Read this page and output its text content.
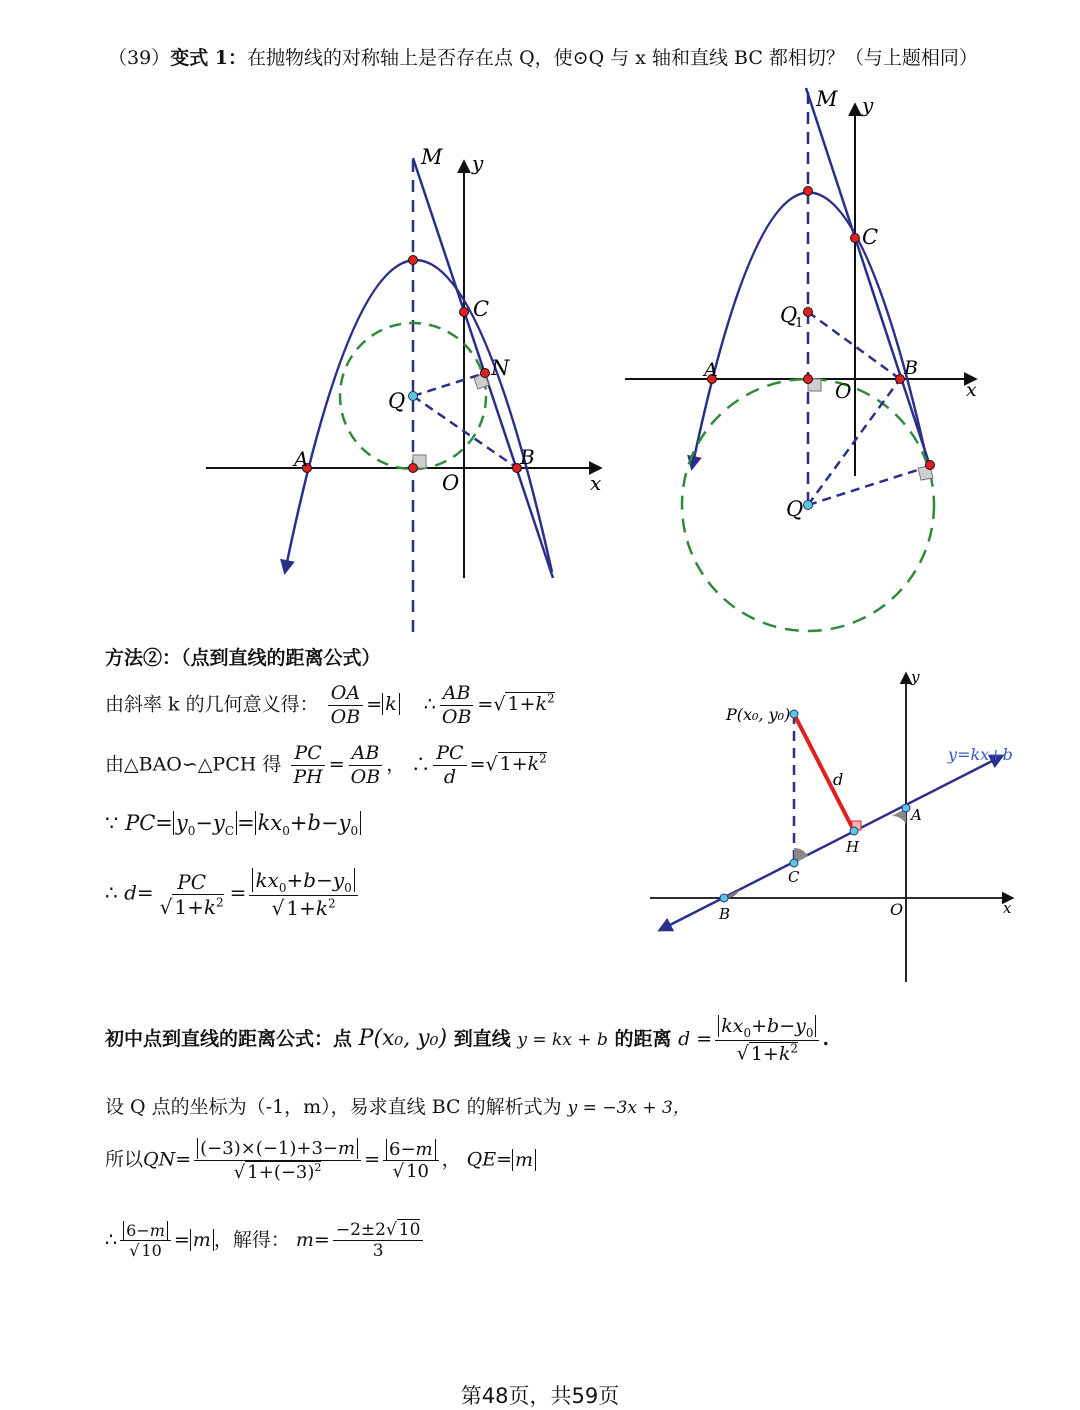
（39）变式 1：在抛物线的对称轴上是否存在点 Q，使⊙Q 与 x 轴和直线 BC 都相切？（与上题相同）
M y
C
N
Q
A	B
O	x
M y
C
Q
1
A	B
O	x
Q
方法②：（点到直线的距离公式）
由斜率 k 的几何意义得： $\frac{OA}{OB} = k$    ∴ $\frac{AB}{OB}$ =√ $1+k^2$
由△BAO∽△PCH 得 $\frac{PC}{PH} = \frac{AB}{OB}$ ， ∴ $\frac{PC}{d}$ =√ $1+k^2$
∵ $PC= y_0-y_C = kx_0+b-y_0$
∴ $d= \frac{PC}{√ 1+k^2} = \frac{kx_0+b-y_0}{√ 1+k^2}$
P(x₀, y₀)
y=kx+b
d
A
H
C
B	O	x
y
初中点到直线的距离公式：点 P(x₀, y₀) 到直线 y = kx + b 的距离 $d = \frac{kx_0+b-y_0}{√ 1+k^2}$ .
设 Q 点的坐标为（-1，m），易求直线 BC 的解析式为 y = −3x + 3，
所以$QN= \frac{(-3)\times(-1)+3-m}{√ 1+(-3)^2} = \frac{6-m}{√ 10}$ ， QE= m
∴ $\frac{6-m}{√ 10} = m$ ，解得： $m= \frac{-2\pm 2√ 10}{3}$
第48页，共59页
